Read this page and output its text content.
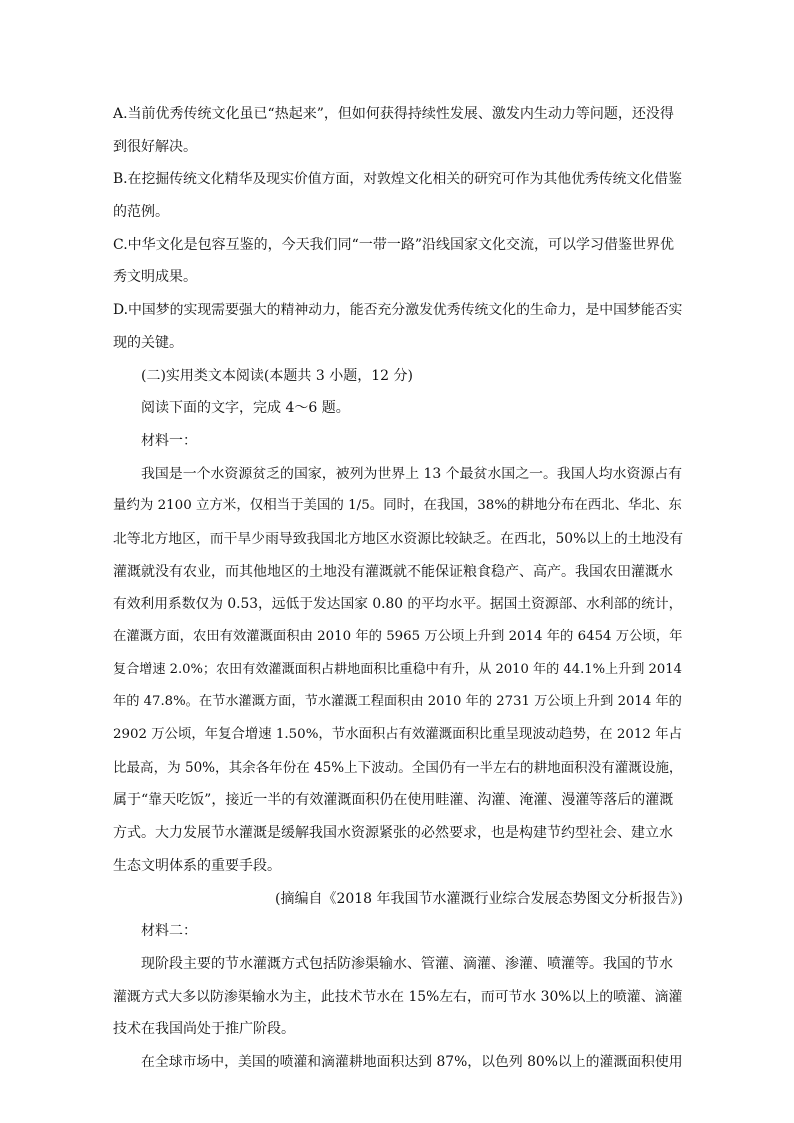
A.当前优秀传统文化虽已“热起来”，但如何获得持续性发展、激发内生动力等问题，还没得

到很好解决。

B.在挖掘传统文化精华及现实价值方面，对敦煌文化相关的研究可作为其他优秀传统文化借鉴

的范例。

C.中华文化是包容互鉴的，今天我们同“一带一路”沿线国家文化交流，可以学习借鉴世界优

秀文明成果。

D.中国梦的实现需要强大的精神动力，能否充分激发优秀传统文化的生命力，是中国梦能否实

现的关键。

(二)实用类文本阅读(本题共 3 小题，12 分)

阅读下面的文字，完成 4～6 题。

材料一：

我国是一个水资源贫乏的国家，被列为世界上 13 个最贫水国之一。我国人均水资源占有

量约为 2100 立方米，仅相当于美国的 1/5。同时，在我国，38%的耕地分布在西北、华北、东

北等北方地区，而干旱少雨导致我国北方地区水资源比较缺乏。在西北，50%以上的土地没有

灌溉就没有农业，而其他地区的土地没有灌溉就不能保证粮食稳产、高产。我国农田灌溉水

有效利用系数仅为 0.53，远低于发达国家 0.80 的平均水平。据国土资源部、水利部的统计，

在灌溉方面，农田有效灌溉面积由 2010 年的 5965 万公顷上升到 2014 年的 6454 万公顷，年

复合增速 2.0%；农田有效灌溉面积占耕地面积比重稳中有升，从 2010 年的 44.1%上升到 2014

年的 47.8%。在节水灌溉方面，节水灌溉工程面积由 2010 年的 2731 万公顷上升到 2014 年的

2902 万公顷，年复合增速 1.50%，节水面积占有效灌溉面积比重呈现波动趋势，在 2012 年占

比最高，为 50%，其余各年份在 45%上下波动。全国仍有一半左右的耕地面积没有灌溉设施，

属于“靠天吃饭”，接近一半的有效灌溉面积仍在使用畦灌、沟灌、淹灌、漫灌等落后的灌溉

方式。大力发展节水灌溉是缓解我国水资源紧张的必然要求，也是构建节约型社会、建立水

生态文明体系的重要手段。

(摘编自《2018 年我国节水灌溉行业综合发展态势图文分析报告》)

材料二：

现阶段主要的节水灌溉方式包括防渗渠输水、管灌、滴灌、渗灌、喷灌等。我国的节水

灌溉方式大多以防渗渠输水为主，此技术节水在 15%左右，而可节水 30%以上的喷灌、滴灌

技术在我国尚处于推广阶段。

在全球市场中，美国的喷灌和滴灌耕地面积达到 87%，以色列 80%以上的灌溉面积使用
